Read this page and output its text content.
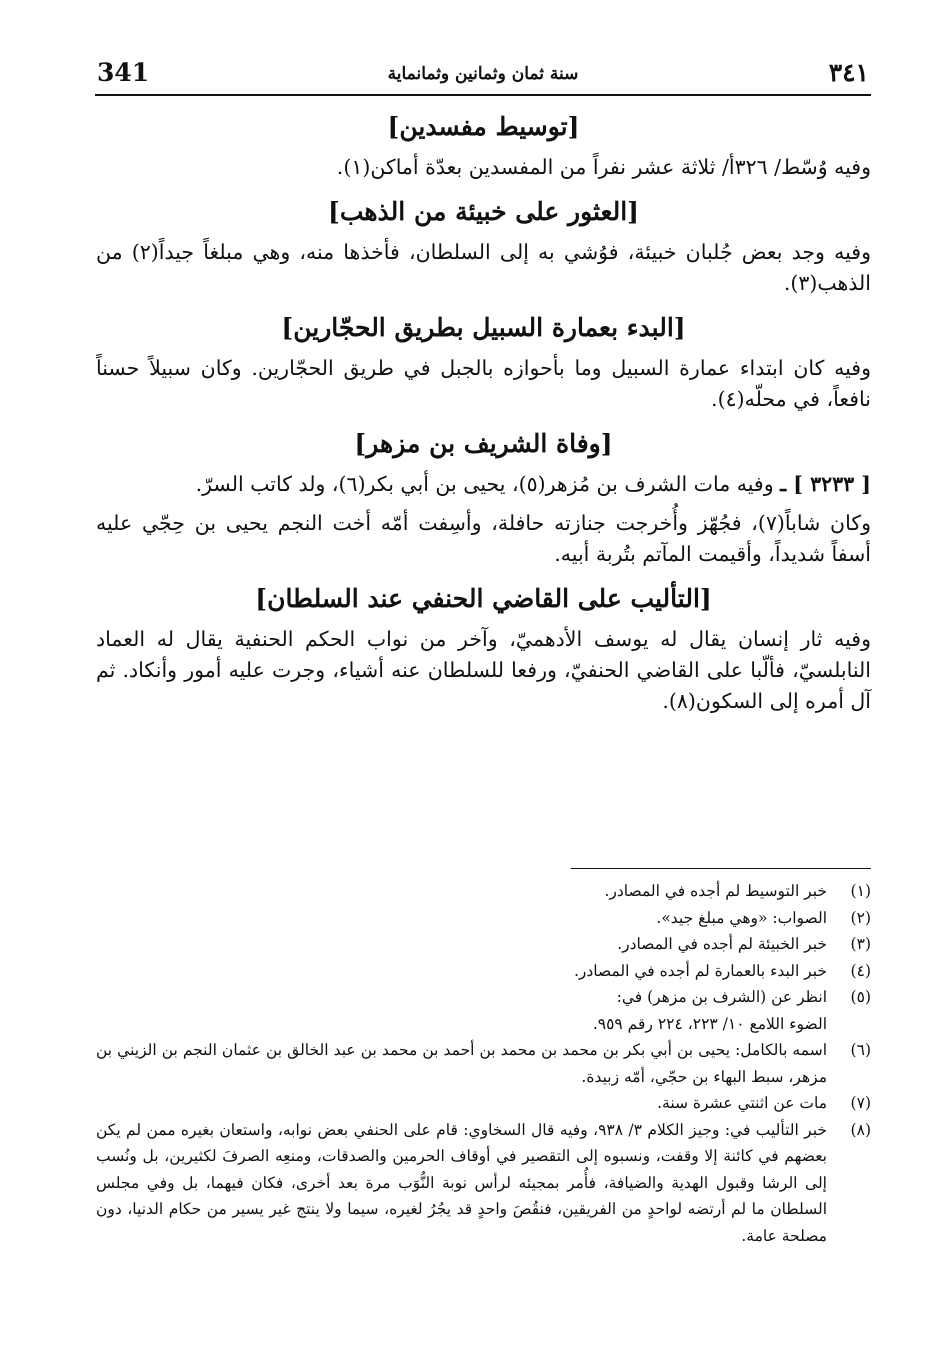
341	سنة ثمان وثمانين وثمانماية	٣٤١
[توسيط مفسدين]

وفيه وُسّط/ ٣٢٦أ/ ثلاثة عشر نفراً من المفسدين بعدّة أماكن(١).

[العثور على خبيئة من الذهب]

وفيه وجد بعض جُلبان خبيئة، فوُشي به إلى السلطان، فأخذها منه، وهي مبلغاً جيداً(٢) من الذهب(٣).

[البدء بعمارة السبيل بطريق الحجّارين]

وفيه كان ابتداء عمارة السبيل وما بأحوازه بالجبل في طريق الحجّارين. وكان سبيلاً حسناً نافعاً، في محلّه(٤).

[وفاة الشريف بن مزهر]

[ ٣٢٣٣ ] ـ وفيه مات الشرف بن مُزهر(٥)، يحيى بن أبي بكر(٦)، ولد كاتب السرّ.

وكان شاباً(٧)، فجُهّز وأُخرجت جنازته حافلة، وأسِفت أمّه أخت النجم يحيى بن حِجّي عليه أسفاً شديداً، وأقيمت المآتم بتُربة أبيه.

[التأليب على القاضي الحنفي عند السلطان]

وفيه ثار إنسان يقال له يوسف الأدهميّ، وآخر من نواب الحكم الحنفية يقال له العماد النابلسيّ، فألّبا على القاضي الحنفيّ، ورفعا للسلطان عنه أشياء، وجرت عليه أمور وأنكاد. ثم آل أمره إلى السكون(٨).

(١)
خبر التوسيط لم أجده في المصادر.
(٢)
الصواب: «وهي مبلغ جيد».
(٣)
خبر الخبيئة لم أجده في المصادر.
(٤)
خبر البدء بالعمارة لم أجده في المصادر.
(٥)
انظر عن (الشرف بن مزهر) في:
الضوء اللامع ١٠/ ٢٢٣، ٢٢٤ رقم ٩٥٩.
(٦)
اسمه بالكامل: يحيى بن أبي بكر بن محمد بن محمد بن أحمد بن محمد بن عبد الخالق بن عثمان النجم بن الزيني بن مزهر، سبط البهاء بن حجّي، أمّه زبيدة.
(٧)
مات عن اثنتي عشرة سنة.
(٨)
خبر التأليب في: وجيز الكلام ٣/ ٩٣٨، وفيه قال السخاوي: قام على الحنفي بعض نوابه، واستعان بغيره ممن لم يكن بعضهم في كائنة إلا وقفت، ونسبوه إلى التقصير في أوقاف الحرمين والصدقات، ومنعِه الصرفَ لكثيرين، بل ونُسب إلى الرشا وقبول الهدية والضيافة، فأُمر بمجيئه لرأس نوبة النُّوَب مرة بعد أخرى، فكان فيهما، بل وفي مجلس السلطان ما لم أرتضه لواحدٍ من الفريقين، فنقُصَ واحدٍ قد يجُرُ لغيره، سيما ولا ينتج غير يسير من حكام الدنيا، دون مصلحة عامة.
